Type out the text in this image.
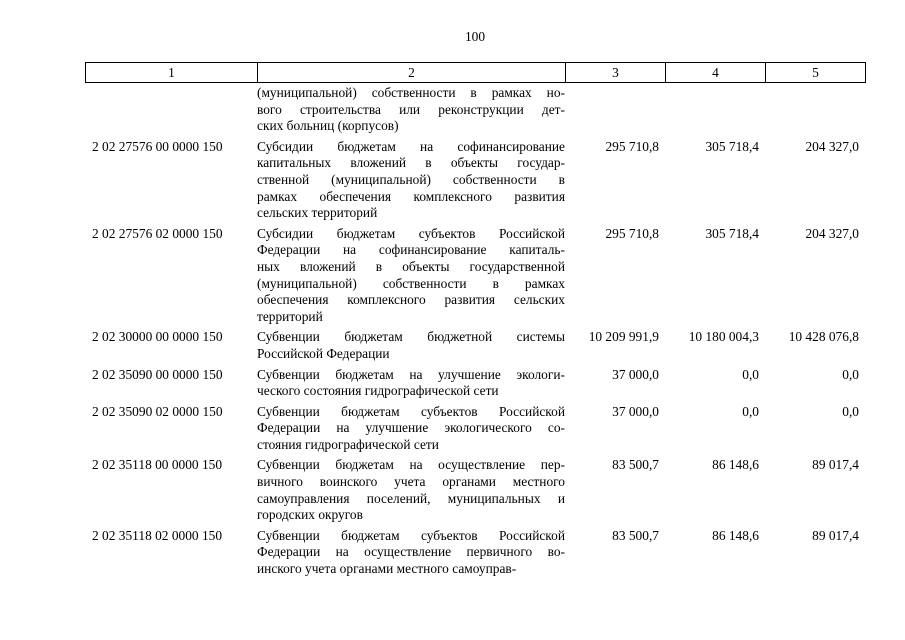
100
1	2	3	4	5
(муниципальной) собственности в рамках но-
вого строительства или реконструкции дет-
ских больниц (корпусов)
2 02 27576 00 0000 150	Субсидии бюджетам на софинансирование
капитальных вложений в объекты государ-
ственной (муниципальной) собственности в
рамках обеспечения комплексного развития
сельских территорий
295 710,8	305 718,4	204 327,0
2 02 27576 02 0000 150	Субсидии бюджетам субъектов Российской
Федерации на софинансирование капиталь-
ных вложений в объекты государственной
(муниципальной) собственности в рамках
обеспечения комплексного развития сельских
территорий
295 710,8	305 718,4	204 327,0
2 02 30000 00 0000 150	Субвенции бюджетам бюджетной системы
Российской Федерации
10 209 991,9	10 180 004,3	10 428 076,8
2 02 35090 00 0000 150	Субвенции бюджетам на улучшение экологи-
ческого состояния гидрографической сети
37 000,0	0,0	0,0
2 02 35090 02 0000 150	Субвенции бюджетам субъектов Российской
Федерации на улучшение экологического со-
стояния гидрографической сети
37 000,0	0,0	0,0
2 02 35118 00 0000 150	Субвенции бюджетам на осуществление пер-
вичного воинского учета органами местного
самоуправления поселений, муниципальных и
городских округов
83 500,7	86 148,6	89 017,4
2 02 35118 02 0000 150	Субвенции бюджетам субъектов Российской
Федерации на осуществление первичного во-
инского учета органами местного самоуправ-
83 500,7	86 148,6	89 017,4
